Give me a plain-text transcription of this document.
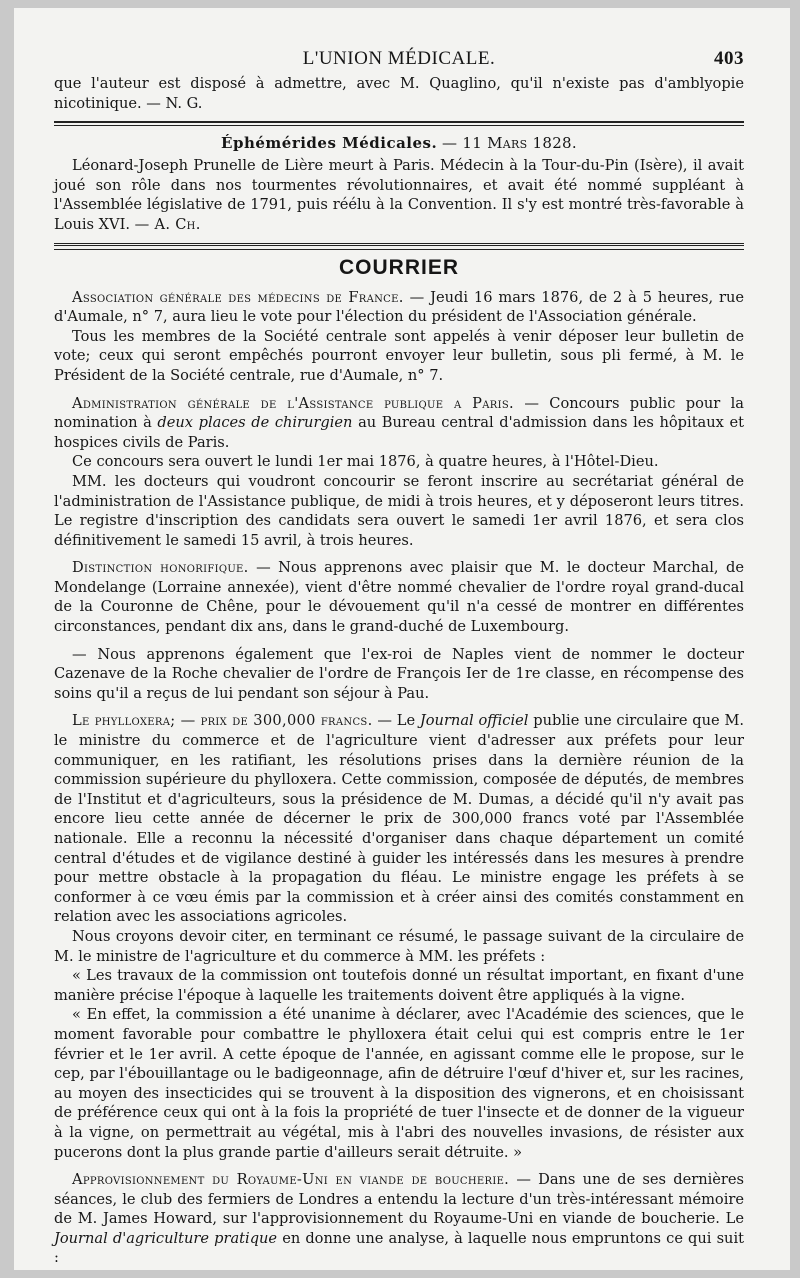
L'UNION MÉDICALE.	403

que l'auteur est disposé à admettre, avec M. Quaglino, qu'il n'existe pas d'amblyopie nicotinique. — N. G.

Éphémérides Médicales. — 11 Mars 1828.

Léonard-Joseph Prunelle de Lière meurt à Paris. Médecin à la Tour-du-Pin (Isère), il avait joué son rôle dans nos tourmentes révolutionnaires, et avait été nommé suppléant à l'Assemblée législative de 1791, puis réélu à la Convention. Il s'y est montré très-favorable à Louis XVI. — A. Ch.

COURRIER

Association générale des médecins de France. — Jeudi 16 mars 1876, de 2 à 5 heures, rue d'Aumale, n° 7, aura lieu le vote pour l'élection du président de l'Association générale.

Tous les membres de la Société centrale sont appelés à venir déposer leur bulletin de vote; ceux qui seront empêchés pourront envoyer leur bulletin, sous pli fermé, à M. le Président de la Société centrale, rue d'Aumale, n° 7.

Administration générale de l'Assistance publique a Paris. — Concours public pour la nomination à deux places de chirurgien au Bureau central d'admission dans les hôpitaux et hospices civils de Paris.

Ce concours sera ouvert le lundi 1er mai 1876, à quatre heures, à l'Hôtel-Dieu.

MM. les docteurs qui voudront concourir se feront inscrire au secrétariat général de l'administration de l'Assistance publique, de midi à trois heures, et y déposeront leurs titres. Le registre d'inscription des candidats sera ouvert le samedi 1er avril 1876, et sera clos définitivement le samedi 15 avril, à trois heures.

Distinction honorifique. — Nous apprenons avec plaisir que M. le docteur Marchal, de Mondelange (Lorraine annexée), vient d'être nommé chevalier de l'ordre royal grand-ducal de la Couronne de Chêne, pour le dévouement qu'il n'a cessé de montrer en différentes circonstances, pendant dix ans, dans le grand-duché de Luxembourg.

— Nous apprenons également que l'ex-roi de Naples vient de nommer le docteur Cazenave de la Roche chevalier de l'ordre de François Ier de 1re classe, en récompense des soins qu'il a reçus de lui pendant son séjour à Pau.

Le phylloxera; — prix de 300,000 francs. — Le Journal officiel publie une circulaire que M. le ministre du commerce et de l'agriculture vient d'adresser aux préfets pour leur communiquer, en les ratifiant, les résolutions prises dans la dernière réunion de la commission supérieure du phylloxera. Cette commission, composée de députés, de membres de l'Institut et d'agriculteurs, sous la présidence de M. Dumas, a décidé qu'il n'y avait pas encore lieu cette année de décerner le prix de 300,000 francs voté par l'Assemblée nationale. Elle a reconnu la nécessité d'organiser dans chaque département un comité central d'études et de vigilance destiné à guider les intéressés dans les mesures à prendre pour mettre obstacle à la propagation du fléau. Le ministre engage les préfets à se conformer à ce vœu émis par la commission et à créer ainsi des comités constamment en relation avec les associations agricoles.

Nous croyons devoir citer, en terminant ce résumé, le passage suivant de la circulaire de M. le ministre de l'agriculture et du commerce à MM. les préfets :

« Les travaux de la commission ont toutefois donné un résultat important, en fixant d'une manière précise l'époque à laquelle les traitements doivent être appliqués à la vigne.

« En effet, la commission a été unanime à déclarer, avec l'Académie des sciences, que le moment favorable pour combattre le phylloxera était celui qui est compris entre le 1er février et le 1er avril. A cette époque de l'année, en agissant comme elle le propose, sur le cep, par l'ébouillantage ou le badigeonnage, afin de détruire l'œuf d'hiver et, sur les racines, au moyen des insecticides qui se trouvent à la disposition des vignerons, et en choisissant de préférence ceux qui ont à la fois la propriété de tuer l'insecte et de donner de la vigueur à la vigne, on permettrait au végétal, mis à l'abri des nouvelles invasions, de résister aux pucerons dont la plus grande partie d'ailleurs serait détruite. »

Approvisionnement du Royaume-Uni en viande de boucherie. — Dans une de ses dernières séances, le club des fermiers de Londres a entendu la lecture d'un très-intéressant mémoire de M. James Howard, sur l'approvisionnement du Royaume-Uni en viande de boucherie. Le Journal d'agriculture pratique en donne une analyse, à laquelle nous empruntons ce qui suit :
